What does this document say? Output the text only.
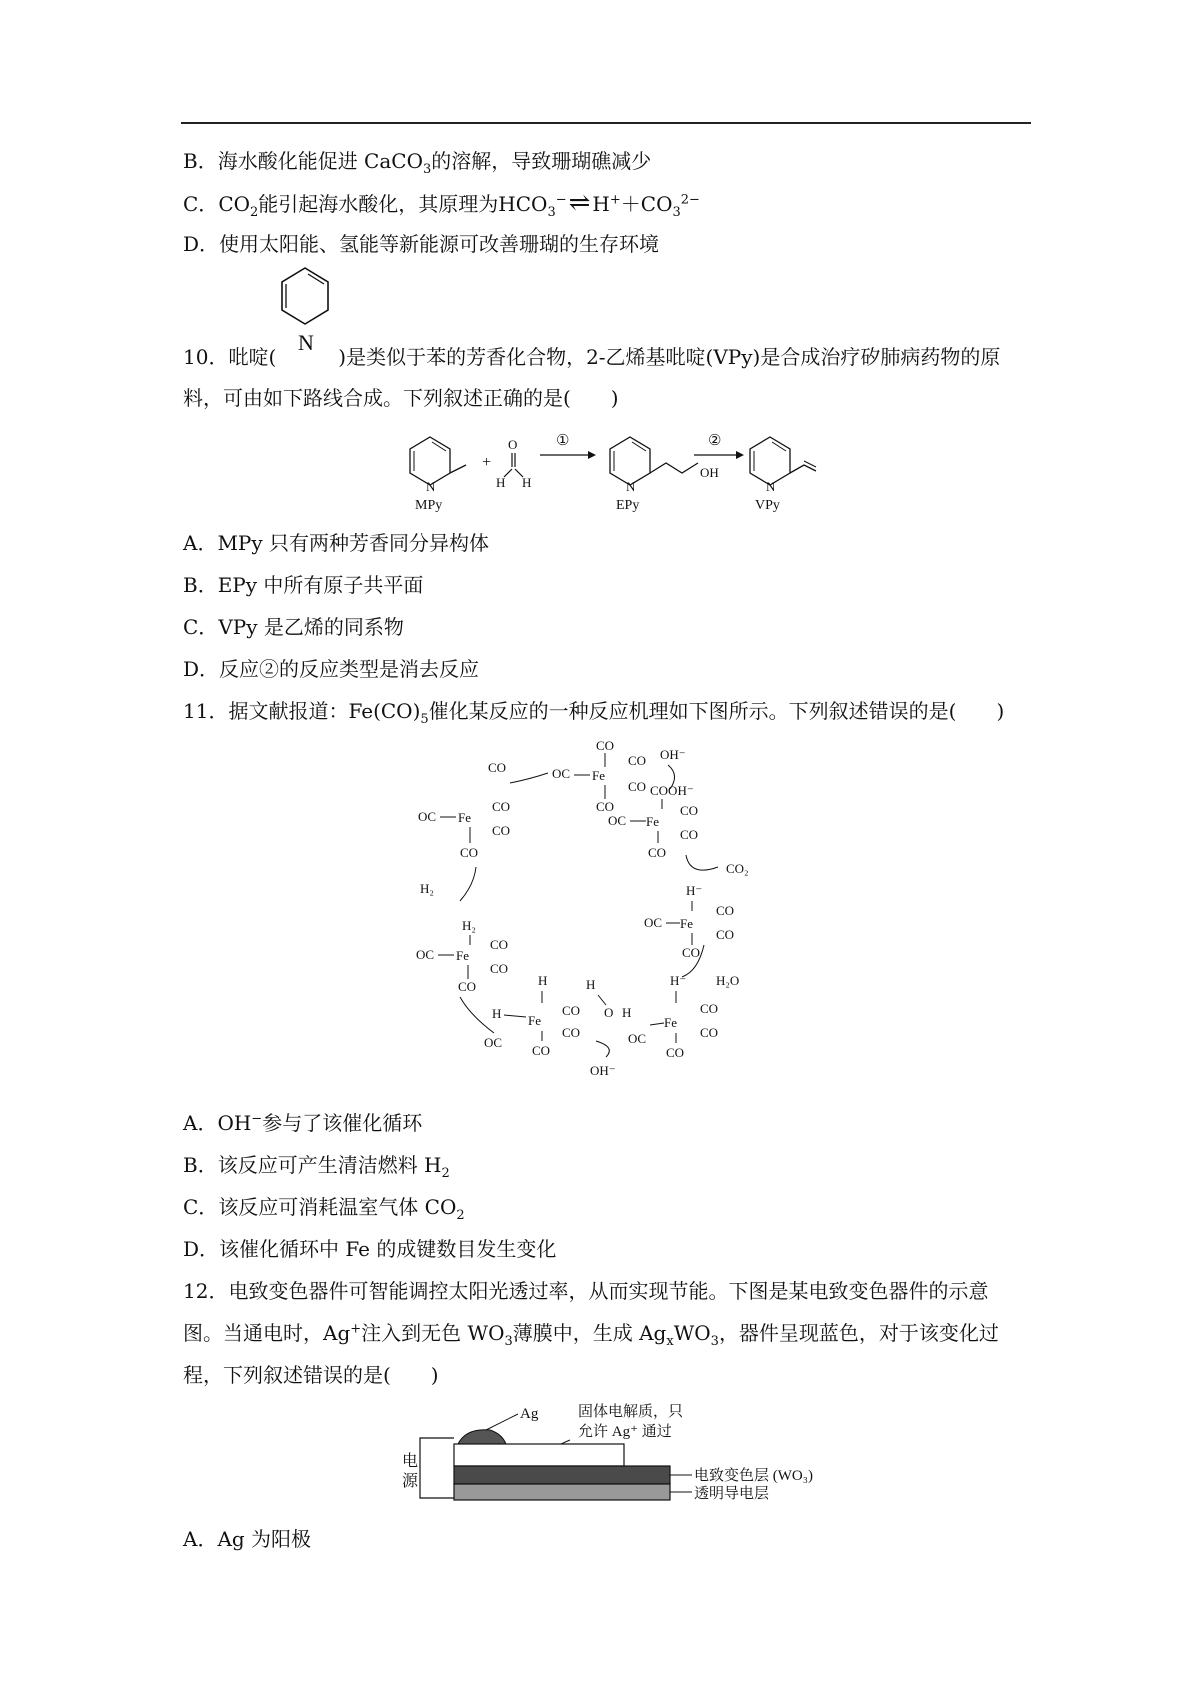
B．海水酸化能促进 CaCO$_3$的溶解，导致珊瑚礁减少
C．$CO_2$能引起海水酸化，其原理为$HCO_3^-\rightleftharpoons$ $H^++CO_3^{2-}$
D．使用太阳能、氢能等新能源可改善珊瑚的生存环境
N
10．吡啶(	)是类似于苯的芳香化合物，2-乙烯基吡啶(VPy)是合成治疗矽肺病药物的原
料，可由如下路线合成。下列叙述正确的是(　　)
N
MPy
+
O
H H
①
N
OH
EPy
②
N
VPy
A．MPy 只有两种芳香同分异构体
B．EPy 中所有原子共平面
C．VPy 是乙烯的同系物
D．反应②的反应类型是消去反应
11．据文献报道：$Fe(CO)_5$催化某反应的一种反应机理如下图所示。下列叙述错误的是(　　)
CO
OC Fe
CO
CO
CO
OH⁻
CO
OC Fe
CO
CO
CO
H₂
H₂
OC Fe
CO
CO
CO
H
H
Fe
OC
CO
CO
CO
OH⁻
H
O H
H⁻
OC
Fe
CO
CO
CO
H₂O
H⁻
OC Fe
CO
CO
CO
CO₂
COOH⁻
OC Fe
CO
CO
CO
A．OH−参与了该催化循环
B．该反应可产生清洁燃料 $H_2$
C．该反应可消耗温室气体 $CO_2$
D．该催化循环中 Fe 的成键数目发生变化
12．电致变色器件可智能调控太阳光透过率，从而实现节能。下图是某电致变色器件的示意
图。当通电时，Ag+注入到无色 $WO_3$薄膜中，生成 $Ag_xWO_3$，器件呈现蓝色，对于该变化过
程，下列叙述错误的是(　　)
Ag	固体电解质，只
允许 Ag⁺ 通过
电致变色层 (WO₃)
透明导电层
电
源
A．Ag 为阳极
